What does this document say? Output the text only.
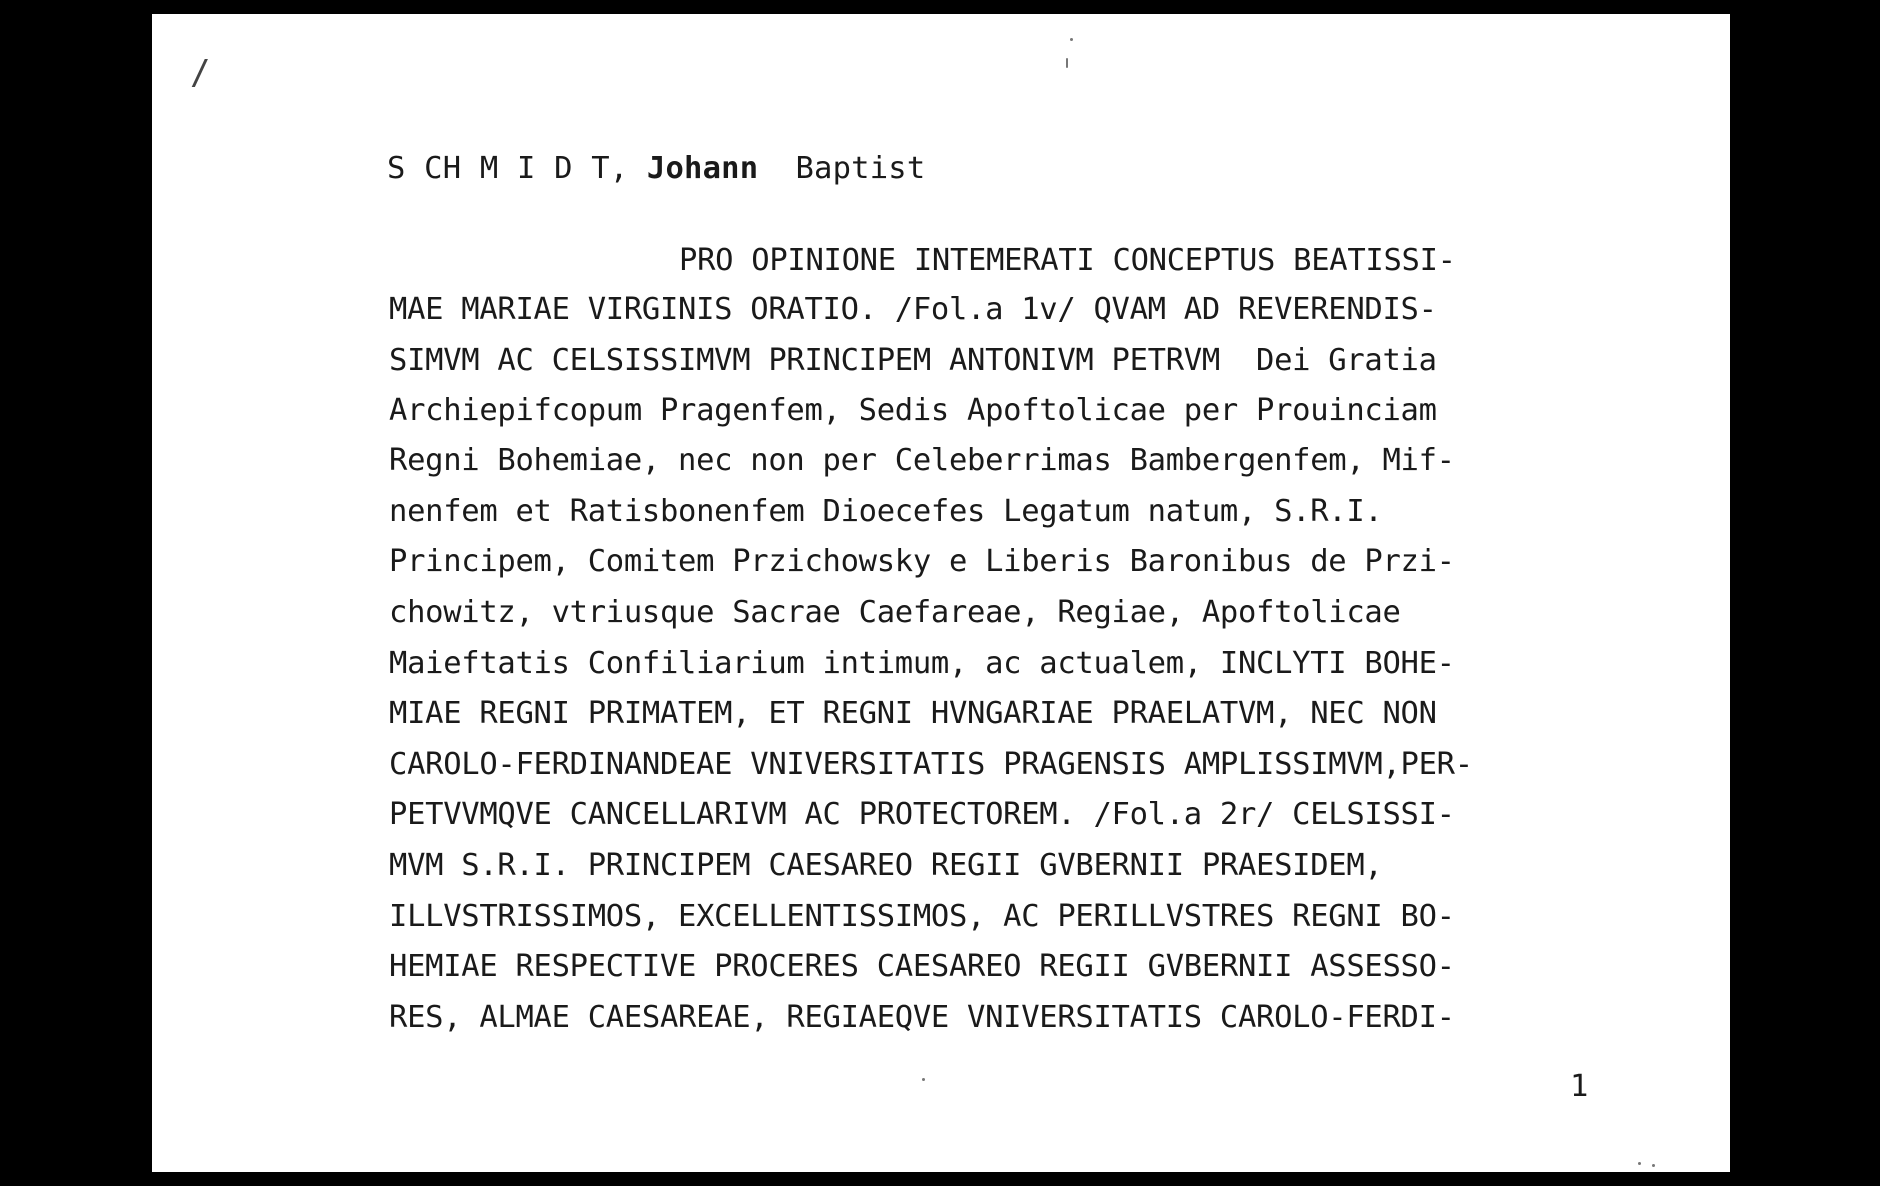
/
S CH M I D T, Johann Baptist

PRO OPINIONE INTEMERATI CONCEPTUS BEATISSI-

MAE MARIAE VIRGINIS ORATIO. /Fol.a 1v/ QVAM AD REVERENDIS-

SIMVM AC CELSISSIMVM PRINCIPEM ANTONIVM PETRVM  Dei Gratia

Archiepifcopum Pragenfem, Sedis Apoftolicae per Prouinciam

Regni Bohemiae, nec non per Celeberrimas Bambergenfem, Mif-

nenfem et Ratisbonenfem Dioecefes Legatum natum, S.R.I.

Principem, Comitem Przichowsky e Liberis Baronibus de Przi-

chowitz, vtriusque Sacrae Caefareae, Regiae, Apoftolicae

Maieftatis Confiliarium intimum, ac actualem, INCLYTI BOHE-

MIAE REGNI PRIMATEM, ET REGNI HVNGARIAE PRAELATVM, NEC NON

CAROLO-FERDINANDEAE VNIVERSITATIS PRAGENSIS AMPLISSIMVM,PER-

PETVVMQVE CANCELLARIVM AC PROTECTOREM. /Fol.a 2r/ CELSISSI-

MVM S.R.I. PRINCIPEM CAESAREO REGII GVBERNII PRAESIDEM,

ILLVSTRISSIMOS, EXCELLENTISSIMOS, AC PERILLVSTRES REGNI BO-

HEMIAE RESPECTIVE PROCERES CAESAREO REGII GVBERNII ASSESSO-

RES, ALMAE CAESAREAE, REGIAEQVE VNIVERSITATIS CAROLO-FERDI-

1
